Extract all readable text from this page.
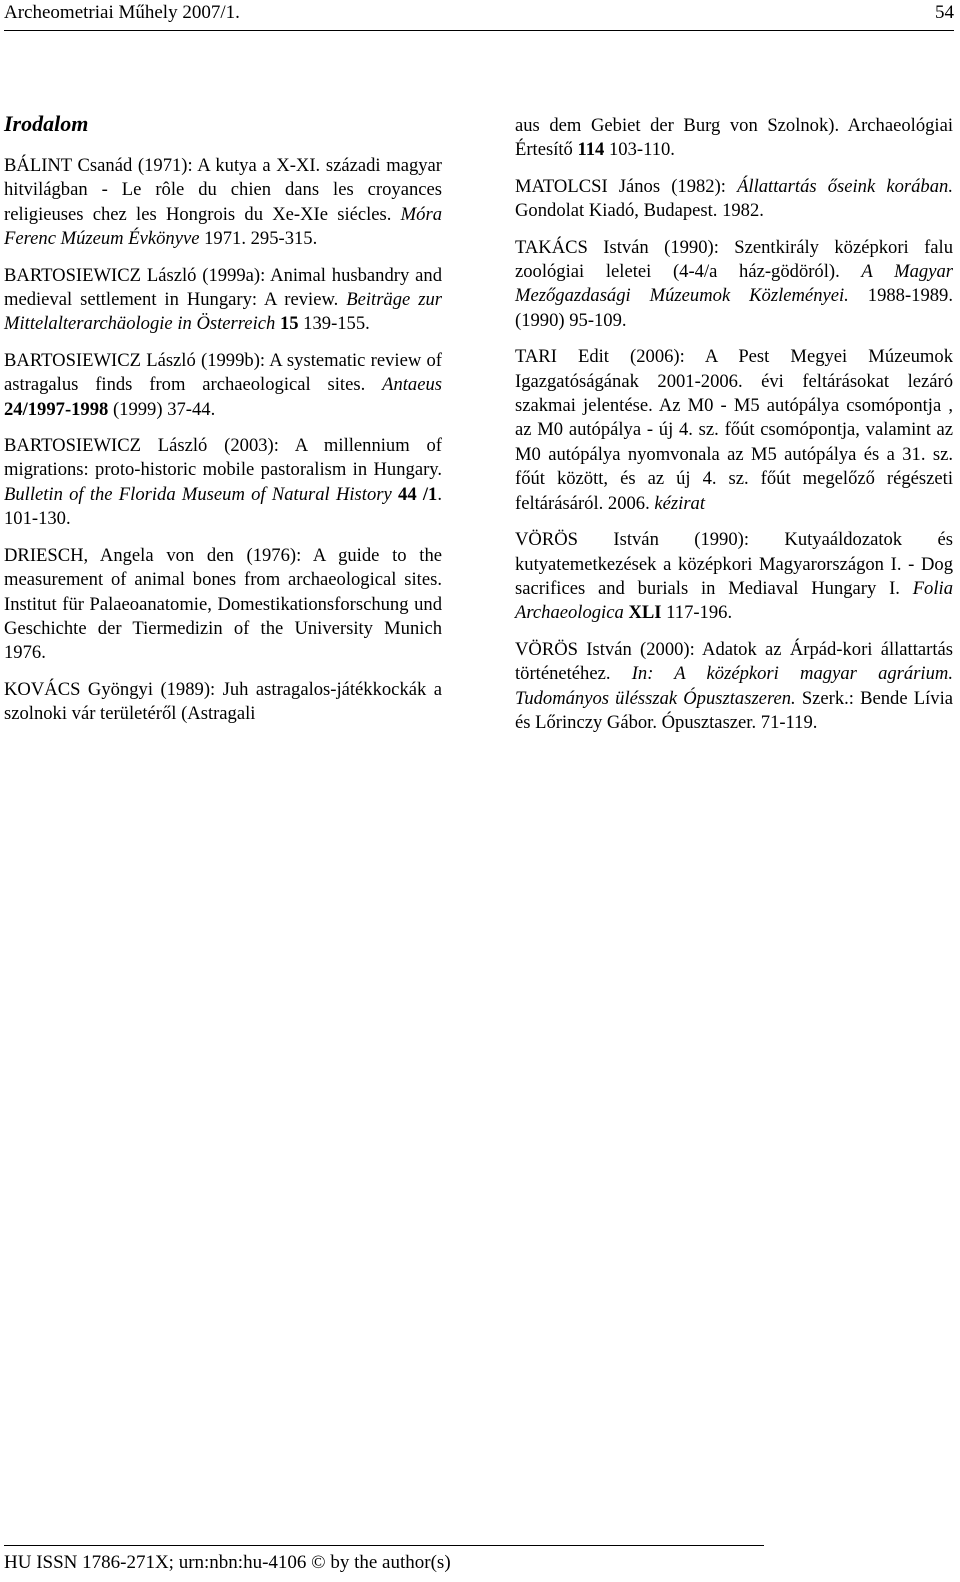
Archeometriai Műhely 2007/1.	54
Irodalom

BÁLINT Csanád (1971): A kutya a X-XI. századi magyar hitvilágban - Le rôle du chien dans les croyances religieuses chez les Hongrois du Xe-XIe siécles. Móra Ferenc Múzeum Évkönyve 1971. 295-315.

BARTOSIEWICZ László (1999a): Animal husbandry and medieval settlement in Hungary: A review. Beiträge zur Mittelalterarchäologie in Österreich 15 139-155.

BARTOSIEWICZ László (1999b): A systematic review of astragalus finds from archaeological sites. Antaeus 24/1997-1998 (1999) 37-44.

BARTOSIEWICZ László (2003): A millennium of migrations: proto-historic mobile pastoralism in Hungary. Bulletin of the Florida Museum of Natural History 44 /1. 101-130.

DRIESCH, Angela von den (1976): A guide to the measurement of animal bones from archaeological sites. Institut für Palaeoanatomie, Domestikationsforschung und Geschichte der Tiermedizin of the University Munich 1976.

KOVÁCS Gyöngyi (1989): Juh astragalos-játékkockák a szolnoki vár területéről (Astragali

aus dem Gebiet der Burg von Szolnok). Archaeológiai Értesítő 114 103-110.

MATOLCSI János (1982): Állattartás őseink korában. Gondolat Kiadó, Budapest. 1982.

TAKÁCS István (1990): Szentkirály középkori falu zoológiai leletei (4-4/a ház-gödöról). A Magyar Mezőgazdasági Múzeumok Közleményei. 1988-1989. (1990) 95-109.

TARI Edit (2006): A Pest Megyei Múzeumok Igazgatóságának 2001-2006. évi feltárásokat lezáró szakmai jelentése. Az M0 - M5 autópálya csomópontja , az M0 autópálya - új 4. sz. főút csomópontja, valamint az M0 autópálya nyomvonala az M5 autópálya és a 31. sz. főút között, és az új 4. sz. főút megelőző régészeti feltárásáról. 2006. kézirat

VÖRÖS István (1990): Kutyaáldozatok és kutyatemetkezések a középkori Magyarországon I. - Dog sacrifices and burials in Mediaval Hungary I. Folia Archaeologica XLI 117-196.

VÖRÖS István (2000): Adatok az Árpád-kori állattartás történetéhez. In: A középkori magyar agrárium. Tudományos ülésszak Ópusztaszeren. Szerk.: Bende Lívia és Lőrinczy Gábor. Ópusztaszer. 71-119.

HU ISSN 1786-271X; urn:nbn:hu-4106 © by the author(s)
